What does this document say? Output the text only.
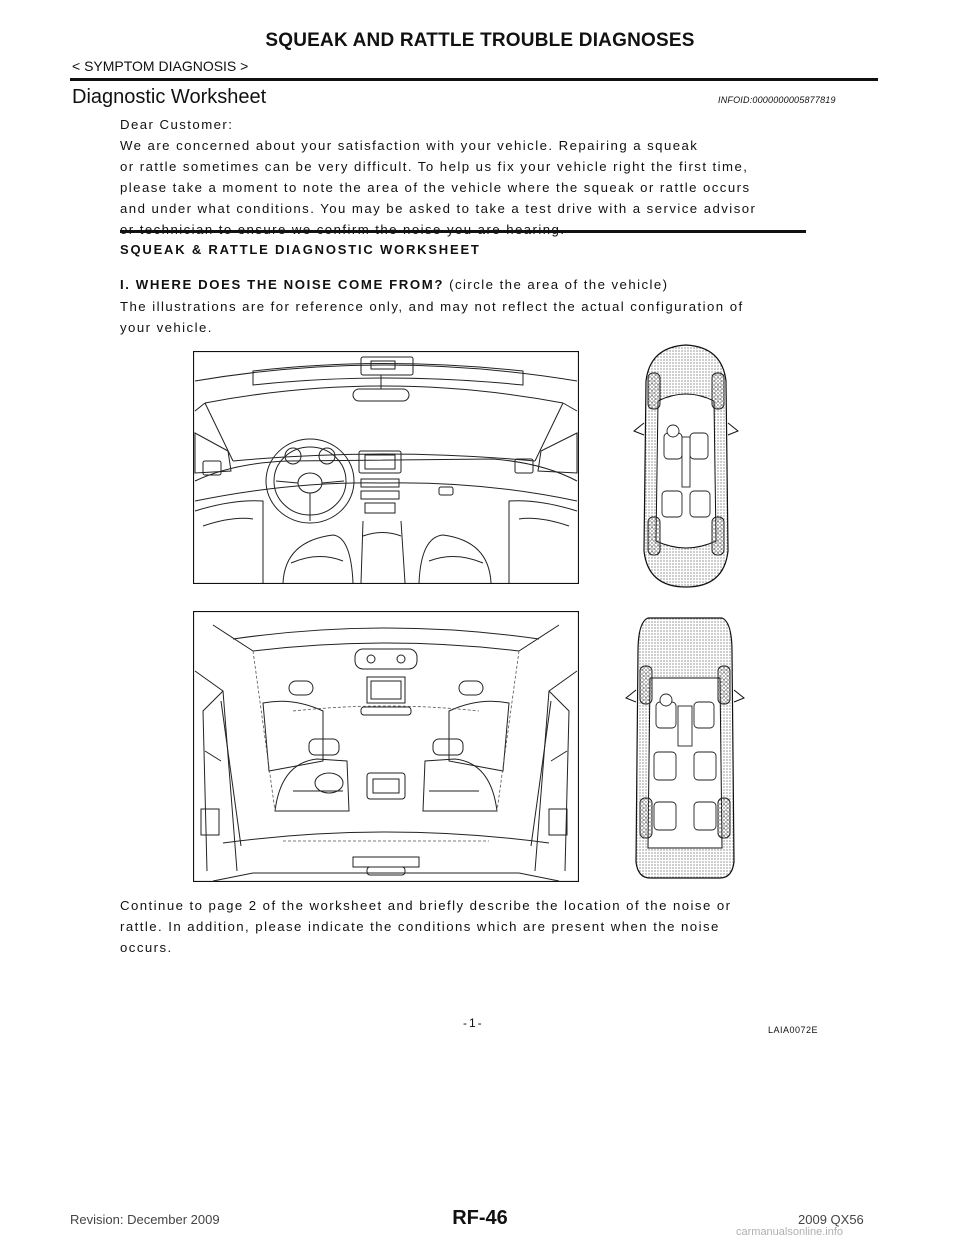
SQUEAK AND RATTLE TROUBLE DIAGNOSES
< SYMPTOM DIAGNOSIS >
Diagnostic Worksheet	INFOID:0000000005877819
Dear Customer:
We are concerned about your satisfaction with your vehicle. Repairing a squeak
or rattle sometimes can be very difficult. To help us fix your vehicle right the first time,
please take a moment to note the area of the vehicle where the squeak or rattle occurs
and under what conditions. You may be asked to take a test drive with a service advisor
SQUEAK & RATTLE DIAGNOSTIC WORKSHEET
I. WHERE DOES THE NOISE COME FROM? (circle the area of the vehicle)
The illustrations are for reference only, and may not reflect the actual configuration of
your vehicle.
Continue to page 2 of the worksheet and briefly describe the location of the noise or
rattle. In addition, please indicate the conditions which are present when the noise
occurs.
-1-	LAIA0072E
Revision: December 2009	RF-46	2009 QX56
carmanualsonline.info
